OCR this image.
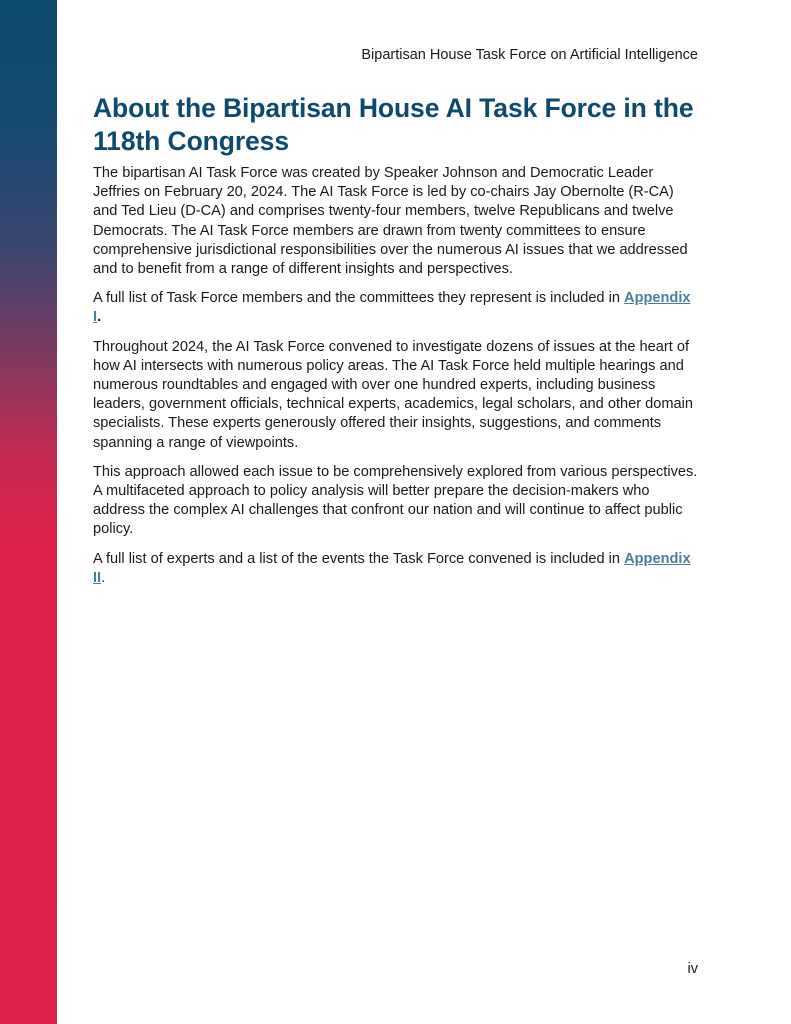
Bipartisan House Task Force on Artificial Intelligence
About the Bipartisan House AI Task Force in the 118th Congress

The bipartisan AI Task Force was created by Speaker Johnson and Democratic Leader Jeffries on February 20, 2024. The AI Task Force is led by co-chairs Jay Obernolte (R-CA) and Ted Lieu (D-CA) and comprises twenty-four members, twelve Republicans and twelve Democrats. The AI Task Force members are drawn from twenty committees to ensure comprehensive jurisdictional responsibilities over the numerous AI issues that we addressed and to benefit from a range of different insights and perspectives.

A full list of Task Force members and the committees they represent is included in Appendix I.

Throughout 2024, the AI Task Force convened to investigate dozens of issues at the heart of how AI intersects with numerous policy areas. The AI Task Force held multiple hearings and numerous roundtables and engaged with over one hundred experts, including business leaders, government officials, technical experts, academics, legal scholars, and other domain specialists. These experts generously offered their insights, suggestions, and comments spanning a range of viewpoints.

This approach allowed each issue to be comprehensively explored from various perspectives. A multifaceted approach to policy analysis will better prepare the decision-makers who address the complex AI challenges that confront our nation and will continue to affect public policy.

A full list of experts and a list of the events the Task Force convened is included in Appendix II.

iv
